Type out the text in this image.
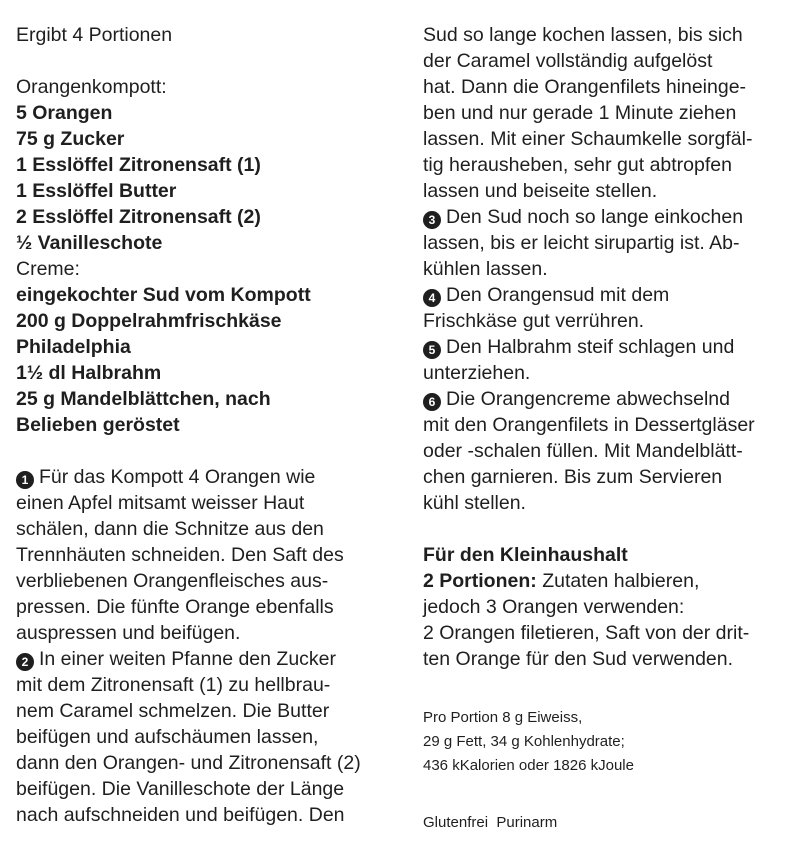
Ergibt 4 Portionen
Orangenkompott:
5 Orangen
75 g Zucker
1 Esslöffel Zitronensaft (1)
1 Esslöffel Butter
2 Esslöffel Zitronensaft (2)
½ Vanilleschote
Creme:
eingekochter Sud vom Kompott
200 g Doppelrahmfrischkäse
Philadelphia
1½ dl Halbrahm
25 g Mandelblättchen, nach
Belieben geröstet
1 Für das Kompott 4 Orangen wie
einen Apfel mitsamt weisser Haut
schälen, dann die Schnitze aus den
Trennhäuten schneiden. Den Saft des
verbliebenen Orangenfleisches aus-
pressen. Die fünfte Orange ebenfalls
auspressen und beifügen.
2 In einer weiten Pfanne den Zucker
mit dem Zitronensaft (1) zu hellbrau-
nem Caramel schmelzen. Die Butter
beifügen und aufschäumen lassen,
dann den Orangen- und Zitronensaft (2)
beifügen. Die Vanilleschote der Länge
nach aufschneiden und beifügen. Den
Sud so lange kochen lassen, bis sich
der Caramel vollständig aufgelöst
hat. Dann die Orangenfilets hineinge-
ben und nur gerade 1 Minute ziehen
lassen. Mit einer Schaumkelle sorgfäl-
tig herausheben, sehr gut abtropfen
lassen und beiseite stellen.
3 Den Sud noch so lange einkochen
lassen, bis er leicht sirupartig ist. Ab-
kühlen lassen.
4 Den Orangensud mit dem
Frischkäse gut verrühren.
5 Den Halbrahm steif schlagen und
unterziehen.
6 Die Orangencreme abwechselnd
mit den Orangenfilets in Dessertgläser
oder -schalen füllen. Mit Mandelblätt-
chen garnieren. Bis zum Servieren
kühl stellen.
Für den Kleinhaushalt
2 Portionen: Zutaten halbieren,
jedoch 3 Orangen verwenden:
2 Orangen filetieren, Saft von der drit-
ten Orange für den Sud verwenden.
Pro Portion 8 g Eiweiss,
29 g Fett, 34 g Kohlenhydrate;
436 kKalorien oder 1826 kJoule
Glutenfrei  Purinarm
